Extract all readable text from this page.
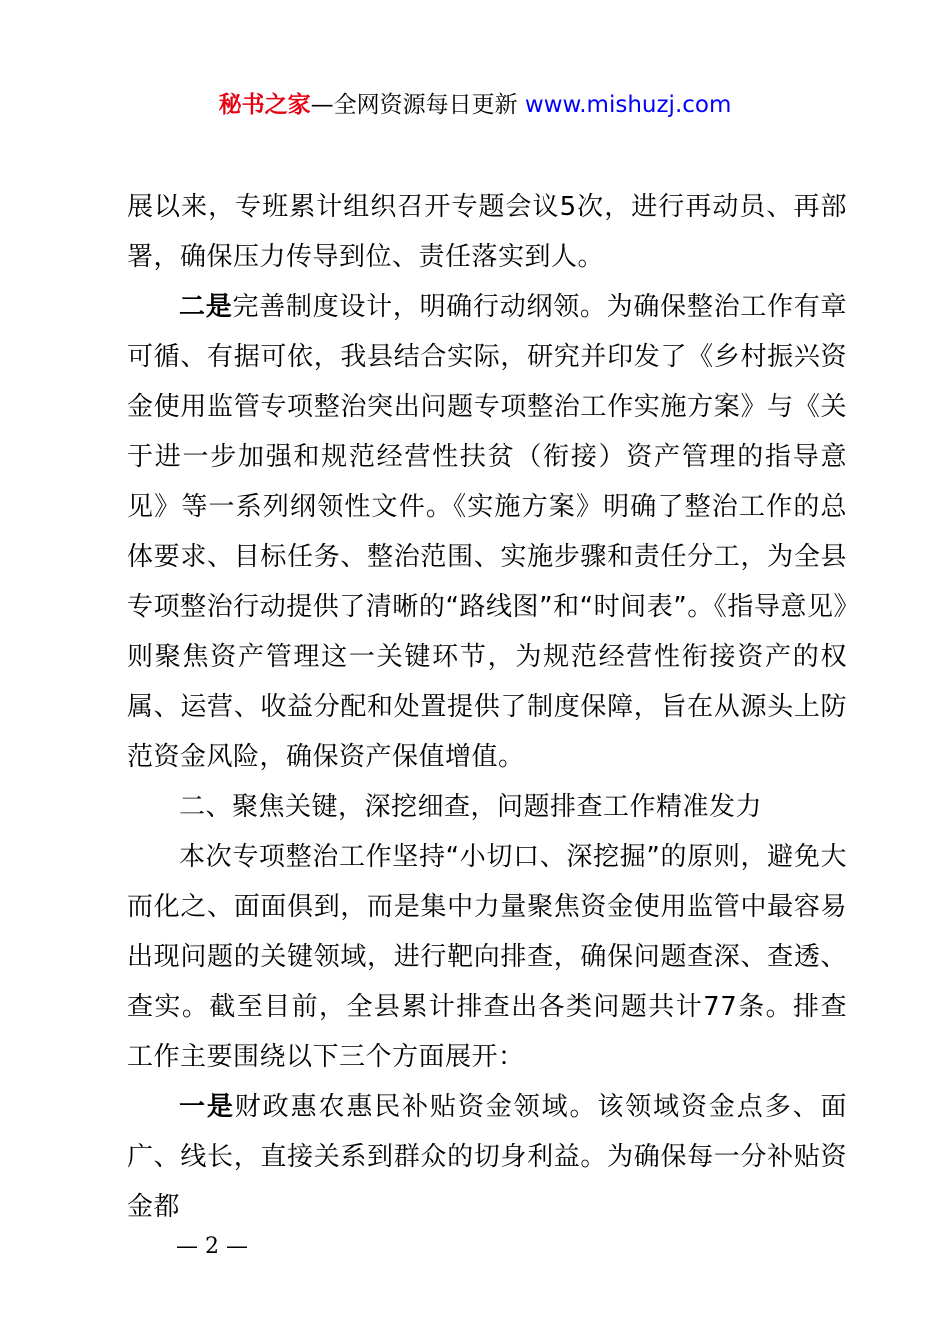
秘书之家—全网资源每日更新 www.mishuzj.com

展以来，专班累计组织召开专题会议5次，进行再动员、再部署，确保压力传导到位、责任落实到人。

二是完善制度设计，明确行动纲领。为确保整治工作有章可循、有据可依，我县结合实际，研究并印发了《乡村振兴资金使用监管专项整治突出问题专项整治工作实施方案》与《关于进一步加强和规范经营性扶贫（衔接）资产管理的指导意见》等一系列纲领性文件。《实施方案》明确了整治工作的总体要求、目标任务、整治范围、实施步骤和责任分工，为全县专项整治行动提供了清晰的“路线图”和“时间表”。《指导意见》则聚焦资产管理这一关键环节，为规范经营性衔接资产的权属、运营、收益分配和处置提供了制度保障，旨在从源头上防范资金风险，确保资产保值增值。

二、聚焦关键，深挖细查，问题排查工作精准发力

本次专项整治工作坚持“小切口、深挖掘”的原则，避免大而化之、面面俱到，而是集中力量聚焦资金使用监管中最容易出现问题的关键领域，进行靶向排查，确保问题查深、查透、查实。截至目前，全县累计排查出各类问题共计77条。排查工作主要围绕以下三个方面展开：

一是财政惠农惠民补贴资金领域。该领域资金点多、面广、线长，直接关系到群众的切身利益。为确保每一分补贴资金都

— 2 —
